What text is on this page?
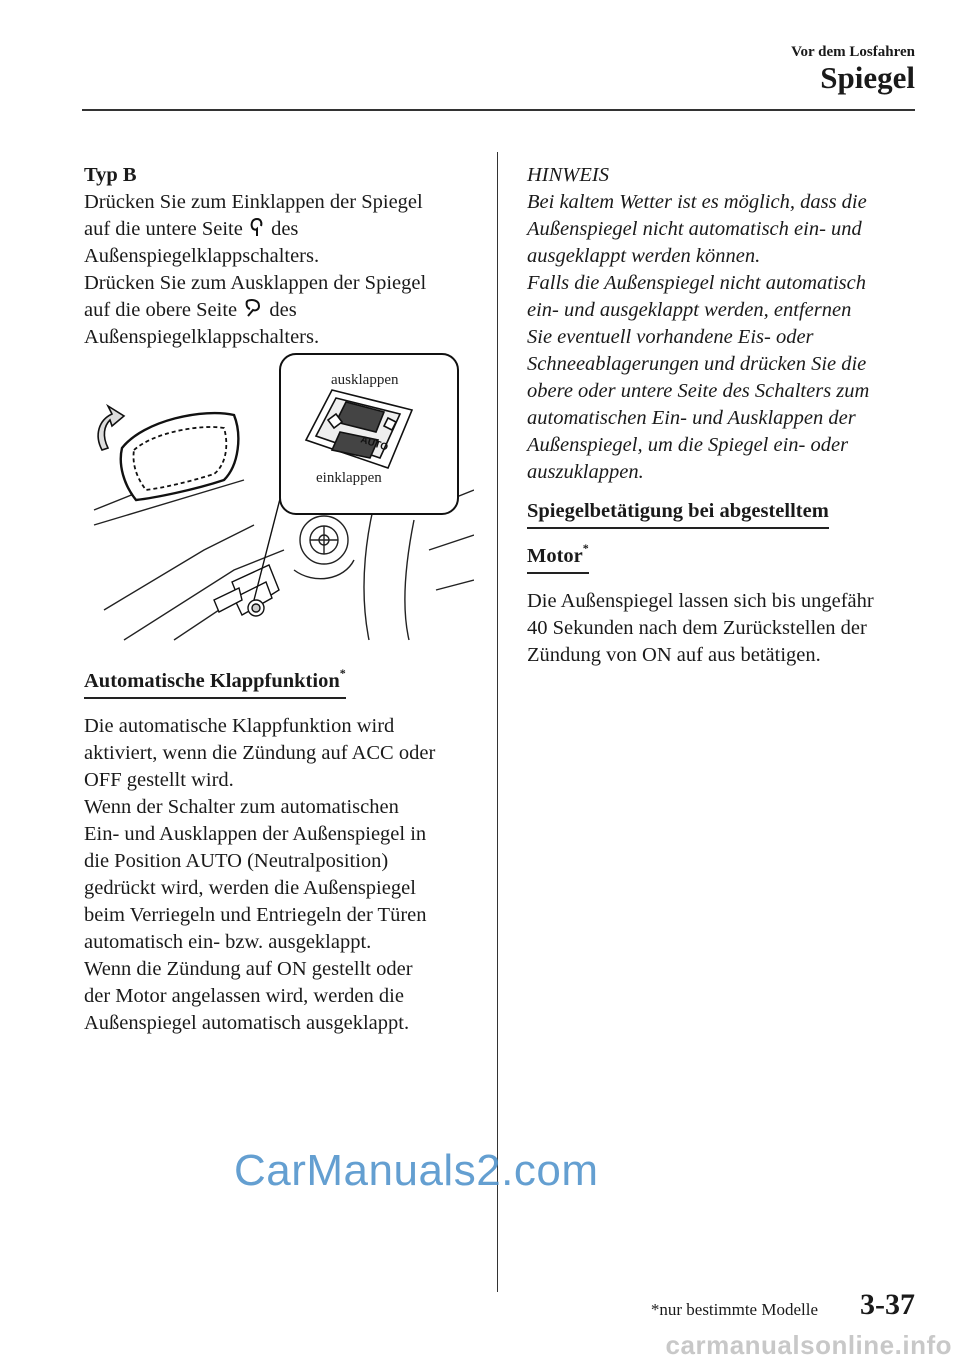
Vor dem Losfahren
Spiegel

Typ B

Drücken Sie zum Einklappen der Spiegel

auf die untere Seite des

Außenspiegelklappschalters.

Drücken Sie zum Ausklappen der Spiegel

auf die obere Seite des

Außenspiegelklappschalters.

AUTO
ausklappen
einklappen

Automatische Klappfunktion*

Die automatische Klappfunktion wird

aktiviert, wenn die Zündung auf ACC oder

OFF gestellt wird.

Wenn der Schalter zum automatischen

Ein- und Ausklappen der Außenspiegel in

die Position AUTO (Neutralposition)

gedrückt wird, werden die Außenspiegel

beim Verriegeln und Entriegeln der Türen

automatisch ein- bzw. ausgeklappt.

Wenn die Zündung auf ON gestellt oder

der Motor angelassen wird, werden die

Außenspiegel automatisch ausgeklappt.

HINWEIS

Bei kaltem Wetter ist es möglich, dass die

Außenspiegel nicht automatisch ein- und

ausgeklappt werden können.

Falls die Außenspiegel nicht automatisch

ein- und ausgeklappt werden, entfernen

Sie eventuell vorhandene Eis- oder

Schneeablagerungen und drücken Sie die

obere oder untere Seite des Schalters zum

automatischen Ein- und Ausklappen der

Außenspiegel, um die Spiegel ein- oder

auszuklappen.

Spiegelbetätigung bei abgestelltem

Motor*

Die Außenspiegel lassen sich bis ungefähr

40 Sekunden nach dem Zurückstellen der

Zündung von ON auf aus betätigen.

CarManuals2.com
*nur bestimmte Modelle 3-37
carmanualsonline.info
